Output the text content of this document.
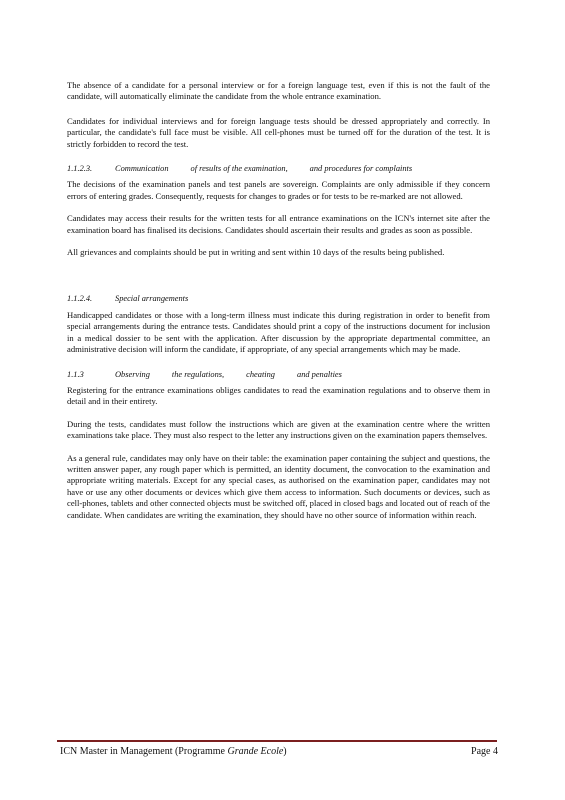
The absence of a candidate for a personal interview or for a foreign language test, even if this is not the fault of the candidate, will automatically eliminate the candidate from the whole entrance examination.

Candidates for individual interviews and for foreign language tests should be dressed appropriately and correctly. In particular, the candidate's full face must be visible. All cell-phones must be turned off for the duration of the test. It is strictly forbidden to record the test.

1.1.2.3.	Communication	of results of the examination,	and procedures for complaints

The decisions of the examination panels and test panels are sovereign. Complaints are only admissible if they concern errors of entering grades. Consequently, requests for changes to grades or for tests to be re-marked are not allowed.

Candidates may access their results for the written tests for all entrance examinations on the ICN's internet site after the examination board has finalised its decisions. Candidates should ascertain their results and grades as soon as possible.

All grievances and complaints should be put in writing and sent within 10 days of the results being published.

1.1.2.4.	Special arrangements

Handicapped candidates or those with a long-term illness must indicate this during registration in order to benefit from special arrangements during the entrance tests. Candidates should print a copy of the instructions document for inclusion in a medical dossier to be sent with the application. After discussion by the appropriate departmental committee, an administrative decision will inform the candidate, if appropriate, of any special arrangements which may be made.

1.1.3	Observing	the regulations,	cheating	and penalties

Registering for the entrance examinations obliges candidates to read the examination regulations and to observe them in detail and in their entirety.

During the tests, candidates must follow the instructions which are given at the examination centre where the written examinations take place. They must also respect to the letter any instructions given on the examination papers themselves.

As a general rule, candidates may only have on their table: the examination paper containing the subject and questions, the written answer paper, any rough paper which is permitted, an identity document, the convocation to the examination and appropriate writing materials. Except for any special cases, as authorised on the examination paper, candidates may not have or use any other documents or devices which give them access to information. Such documents or devices, such as cell-phones, tablets and other connected objects must be switched off, placed in closed bags and located out of reach of the candidate. When candidates are writing the examination, they should have no other source of information within reach.

ICN Master in Management (Programme Grande Ecole)	Page 4
